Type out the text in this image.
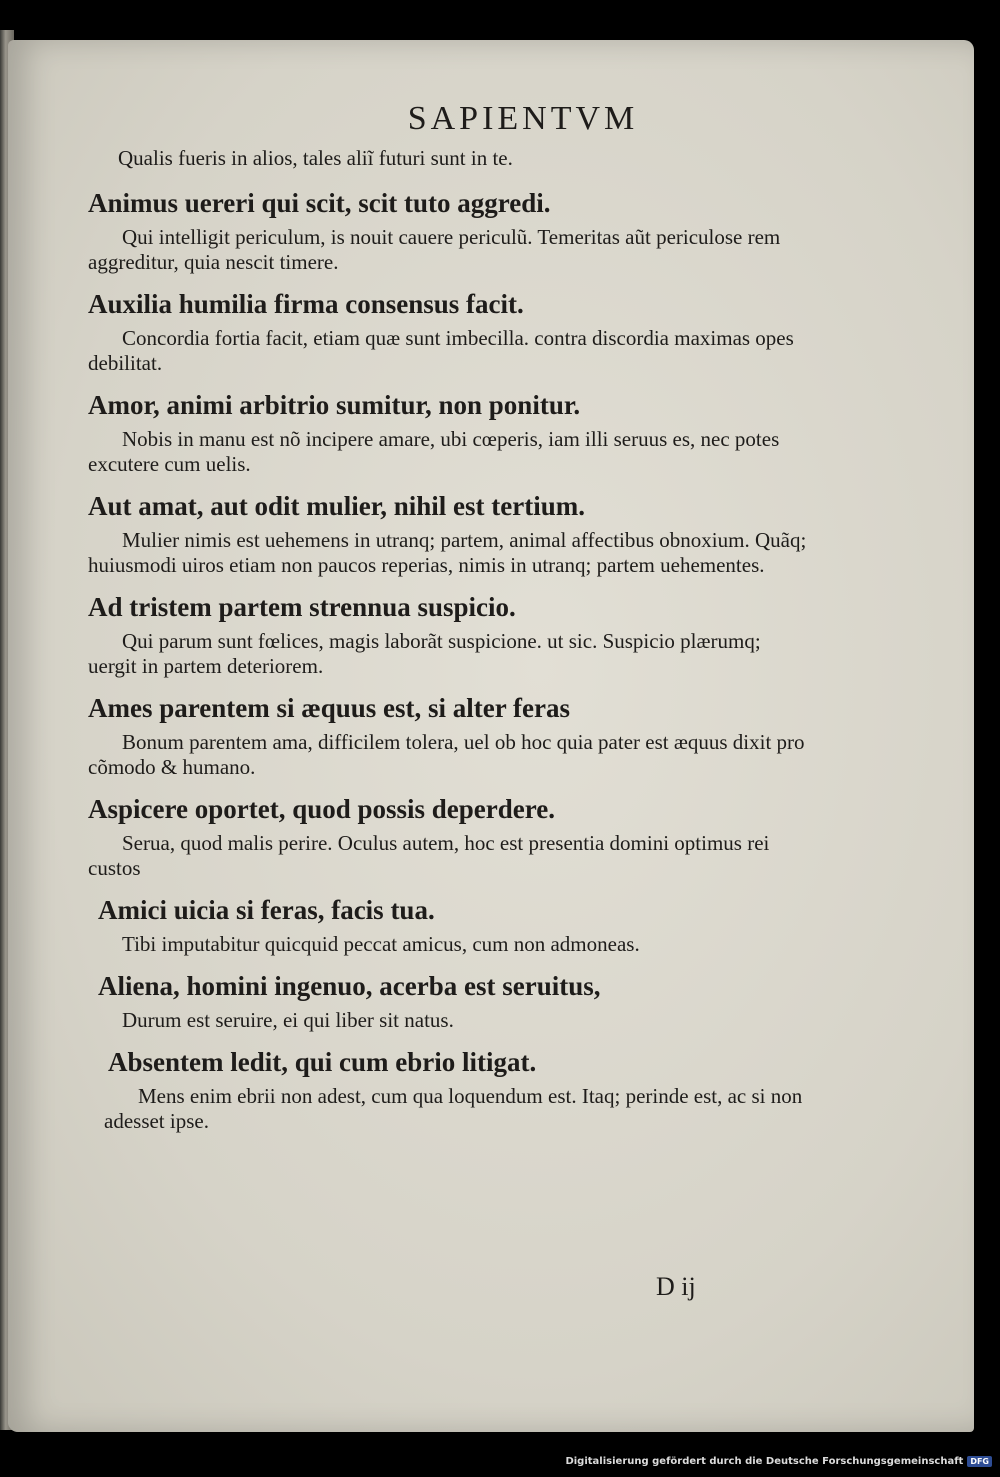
SAPIENTVM

Qualis fueris in alios, tales aliĩ futuri sunt in te.

Animus uereri qui scit, scit tuto aggredi.

Qui intelligit periculum, is nouit cauere periculũ. Temeritas aũt periculose rem aggreditur, quia nescit timere.

Auxilia humilia firma consensus facit.

Concordia fortia facit, etiam quæ sunt imbecilla. contra discordia maximas opes debilitat.

Amor, animi arbitrio sumitur, non ponitur.

Nobis in manu est nõ incipere amare, ubi cœperis, iam illi seruus es, nec potes excutere cum uelis.

Aut amat, aut odit mulier, nihil est tertium.

Mulier nimis est uehemens in utranq; partem, animal affectibus obnoxium. Quãq; huiusmodi uiros etiam non paucos reperias, nimis in utranq; partem uehementes.

Ad tristem partem strennua suspicio.

Qui parum sunt fœlices, magis laborãt suspicione. ut sic. Suspicio plærumq; uergit in partem deteriorem.

Ames parentem si æquus est, si alter feras

Bonum parentem ama, difficilem tolera, uel ob hoc quia pater est æquus dixit pro cõmodo & humano.

Aspicere oportet, quod possis deperdere.

Serua, quod malis perire. Oculus autem, hoc est presentia domini optimus rei custos

Amici uicia si feras, facis tua.

Tibi imputabitur quicquid peccat amicus, cum non admoneas.

Aliena, homini ingenuo, acerba est seruitus,

Durum est seruire, ei qui liber sit natus.

Absentem ledit, qui cum ebrio litigat.

Mens enim ebrii non adest, cum qua loquendum est. Itaq; perinde est, ac si non adesset ipse.

D ij
Digitalisierung gefördert durch die Deutsche Forschungsgemeinschaft DFG
